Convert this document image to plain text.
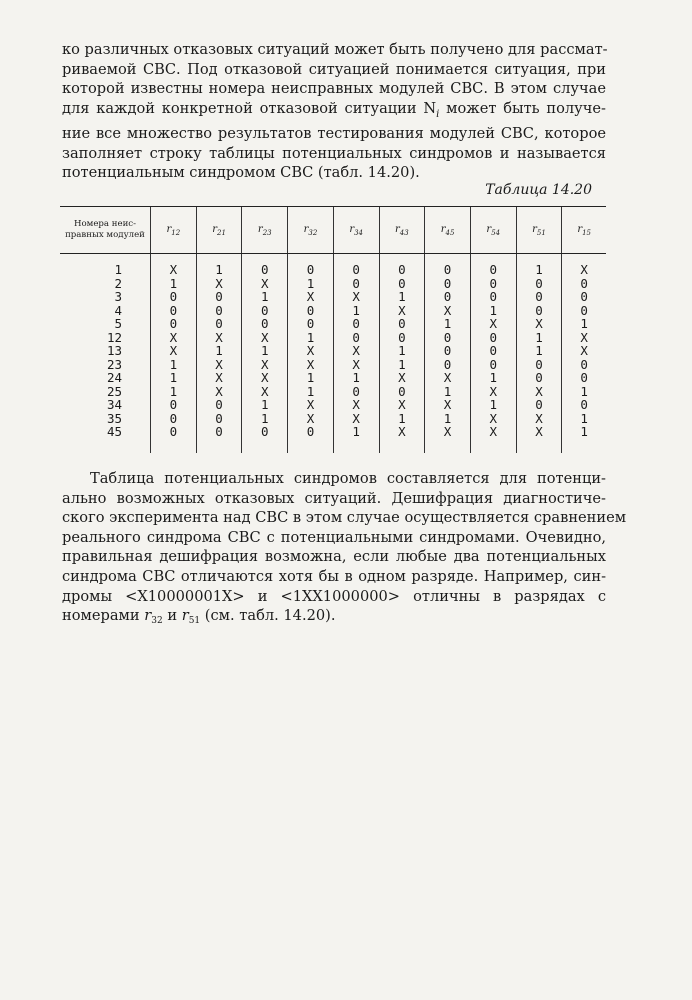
ко различных отказовых ситуаций может быть получено для рассмат-
риваемой СВС. Под отказовой ситуацией понимается ситуация, при
которой известны номера неисправных модулей СВС. В этом случае
для каждой конкретной отказовой ситуации $N_i$ может быть получе-
ние все множество результатов тестирования модулей СВС, которое
заполняет строку таблицы потенциальных синдромов и называется
потенциальным синдромом СВС (табл. 14.20).
Таблица 14.20
Номера неис-правных модулей	$r_{12}$	$r_{21}$	$r_{23}$	$r_{32}$	$r_{34}$	$r_{43}$	$r_{45}$	$r_{54}$	$r_{51}$	$r_{15}$
1	X	1	0	0	0	0	0	0	1	X
2	1	X	X	1	0	0	0	0	0	0
3	0	0	1	X	X	1	0	0	0	0
4	0	0	0	0	1	X	X	1	0	0
5	0	0	0	0	0	0	1	X	X	1
12	X	X	X	1	0	0	0	0	1	X
13	X	1	1	X	X	1	0	0	1	X
23	1	X	X	X	X	1	0	0	0	0
24	1	X	X	1	1	X	X	1	0	0
25	1	X	X	1	0	0	1	X	X	1
34	0	0	1	X	X	X	X	1	0	0
35	0	0	1	X	X	1	1	X	X	1
45	0	0	0	0	1	X	X	X	X	1
Таблица потенциальных синдромов составляется для потенци-
ально возможных отказовых ситуаций. Дешифрация диагностиче-
ского эксперимента над СВС в этом случае осуществляется сравнением
реального синдрома СВС с потенциальными синдромами. Очевидно,
правильная дешифрация возможна, если любые два потенциальных
синдрома СВС отличаются хотя бы в одном разряде. Например, син-
дромы <X10000001X> и <1XX1000000> отличны в разрядах с
номерами $r_{32}$ и $r_{51}$ (см. табл. 14.20).
